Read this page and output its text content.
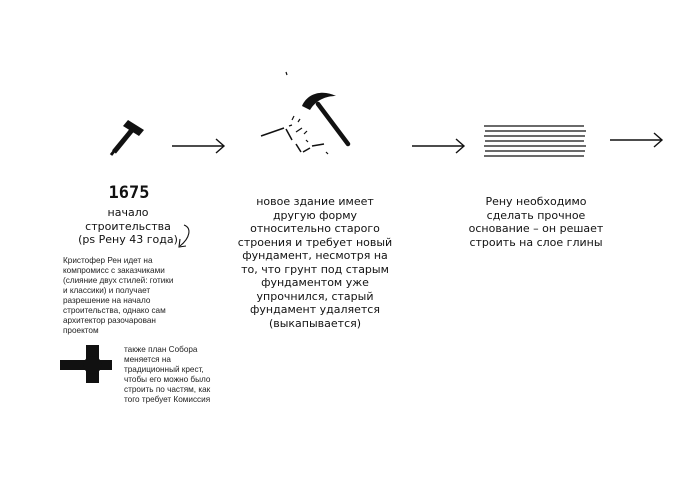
1675
начало
строительства
(ps Рену 43 года)
Кристофер Рен идет на
компромисс с заказчиками
(слияние двух стилей: готики
и классики) и получает
разрешение на начало
строительства, однако сам
архитектор разочарован
проектом
также план Собора
меняется на
традиционный крест,
чтобы его можно было
строить по частям, как
того требует Комиссия
новое здание имеет
другую форму
относительно старого
строения и требует новый
фундамент, несмотря на
то, что грунт под старым
фундаментом уже
упрочнился, старый
фундамент удаляется
(выкапывается)
Рену необходимо
сделать прочное
основание – он решает
строить на слое глины
